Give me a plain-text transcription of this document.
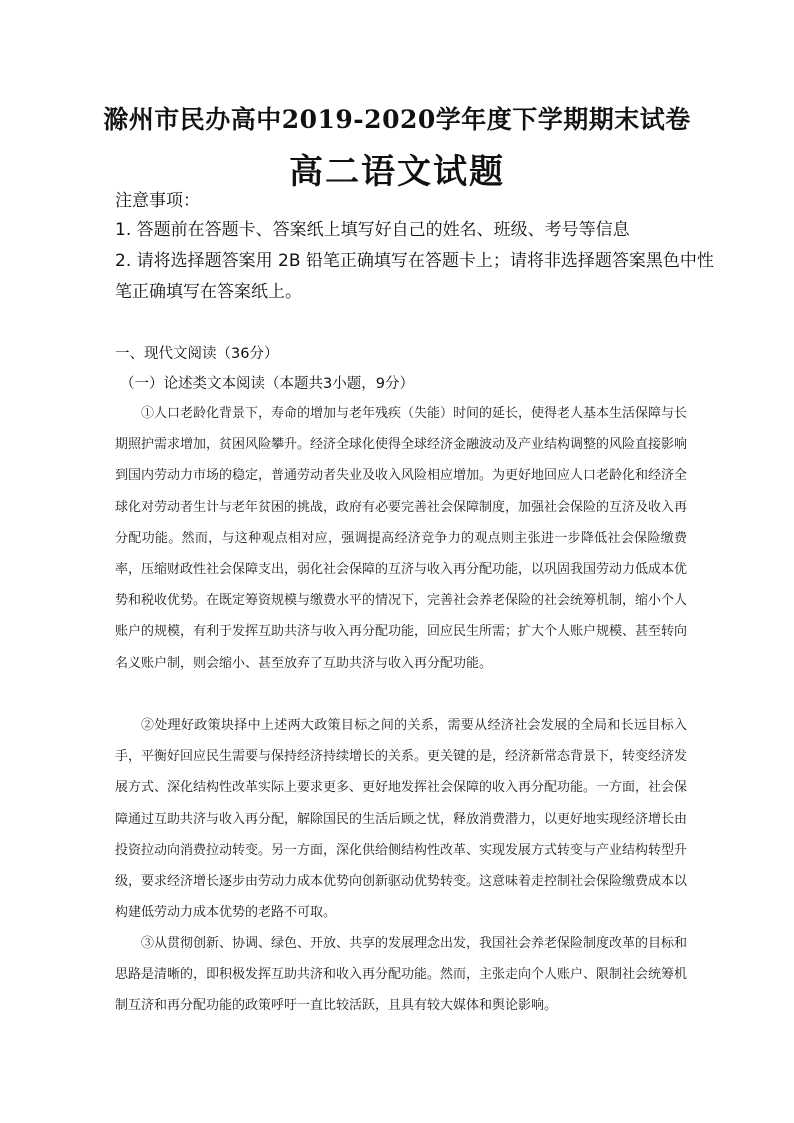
滁州市民办高中2019-2020学年度下学期期末试卷
高二语文试题
注意事项：
1. 答题前在答题卡、答案纸上填写好自己的姓名、班级、考号等信息
2. 请将选择题答案用 2B 铅笔正确填写在答题卡上；请将非选择题答案黑色中性
笔正确填写在答案纸上。
一、现代文阅读（36分）
（一）论述类文本阅读（本题共3小题，9分）
①人口老龄化背景下，寿命的增加与老年残疾（失能）时间的延长，使得老人基本生活保障与长期照护需求增加，贫困风险攀升。经济全球化使得全球经济金融波动及产业结构调整的风险直接影响到国内劳动力市场的稳定，普通劳动者失业及收入风险相应增加。为更好地回应人口老龄化和经济全球化对劳动者生计与老年贫困的挑战，政府有必要完善社会保障制度，加强社会保险的互济及收入再分配功能。然而，与这种观点相对应，强调提高经济竞争力的观点则主张进一步降低社会保险缴费率，压缩财政性社会保障支出，弱化社会保障的互济与收入再分配功能，以巩固我国劳动力低成本优势和税收优势。在既定筹资规模与缴费水平的情况下，完善社会养老保险的社会统筹机制，缩小个人账户的规模，有利于发挥互助共济与收入再分配功能，回应民生所需；扩大个人账户规模、甚至转向名义账户制，则会缩小、甚至放弃了互助共济与收入再分配功能。
②处理好政策块择中上述两大政策目标之间的关系，需要从经济社会发展的全局和长远目标入手，平衡好回应民生需要与保持经济持续增长的关系。更关键的是，经济新常态背景下，转变经济发展方式、深化结构性改革实际上要求更多、更好地发挥社会保障的收入再分配功能。一方面，社会保障通过互助共济与收入再分配，解除国民的生活后顾之忧，释放消费潜力，以更好地实现经济增长由投资拉动向消费拉动转变。另一方面，深化供给侧结构性改革、实现发展方式转变与产业结构转型升级，要求经济增长逐步由劳动力成本优势向创新驱动优势转变。这意味着走控制社会保险缴费成本以构建低劳动力成本优势的老路不可取。
③从贯彻创新、协调、绿色、开放、共享的发展理念出发，我国社会养老保险制度改革的目标和思路是清晰的，即积极发挥互助共济和收入再分配功能。然而，主张走向个人账户、限制社会统筹机制互济和再分配功能的政策呼吁一直比较活跃，且具有较大媒体和舆论影响。
